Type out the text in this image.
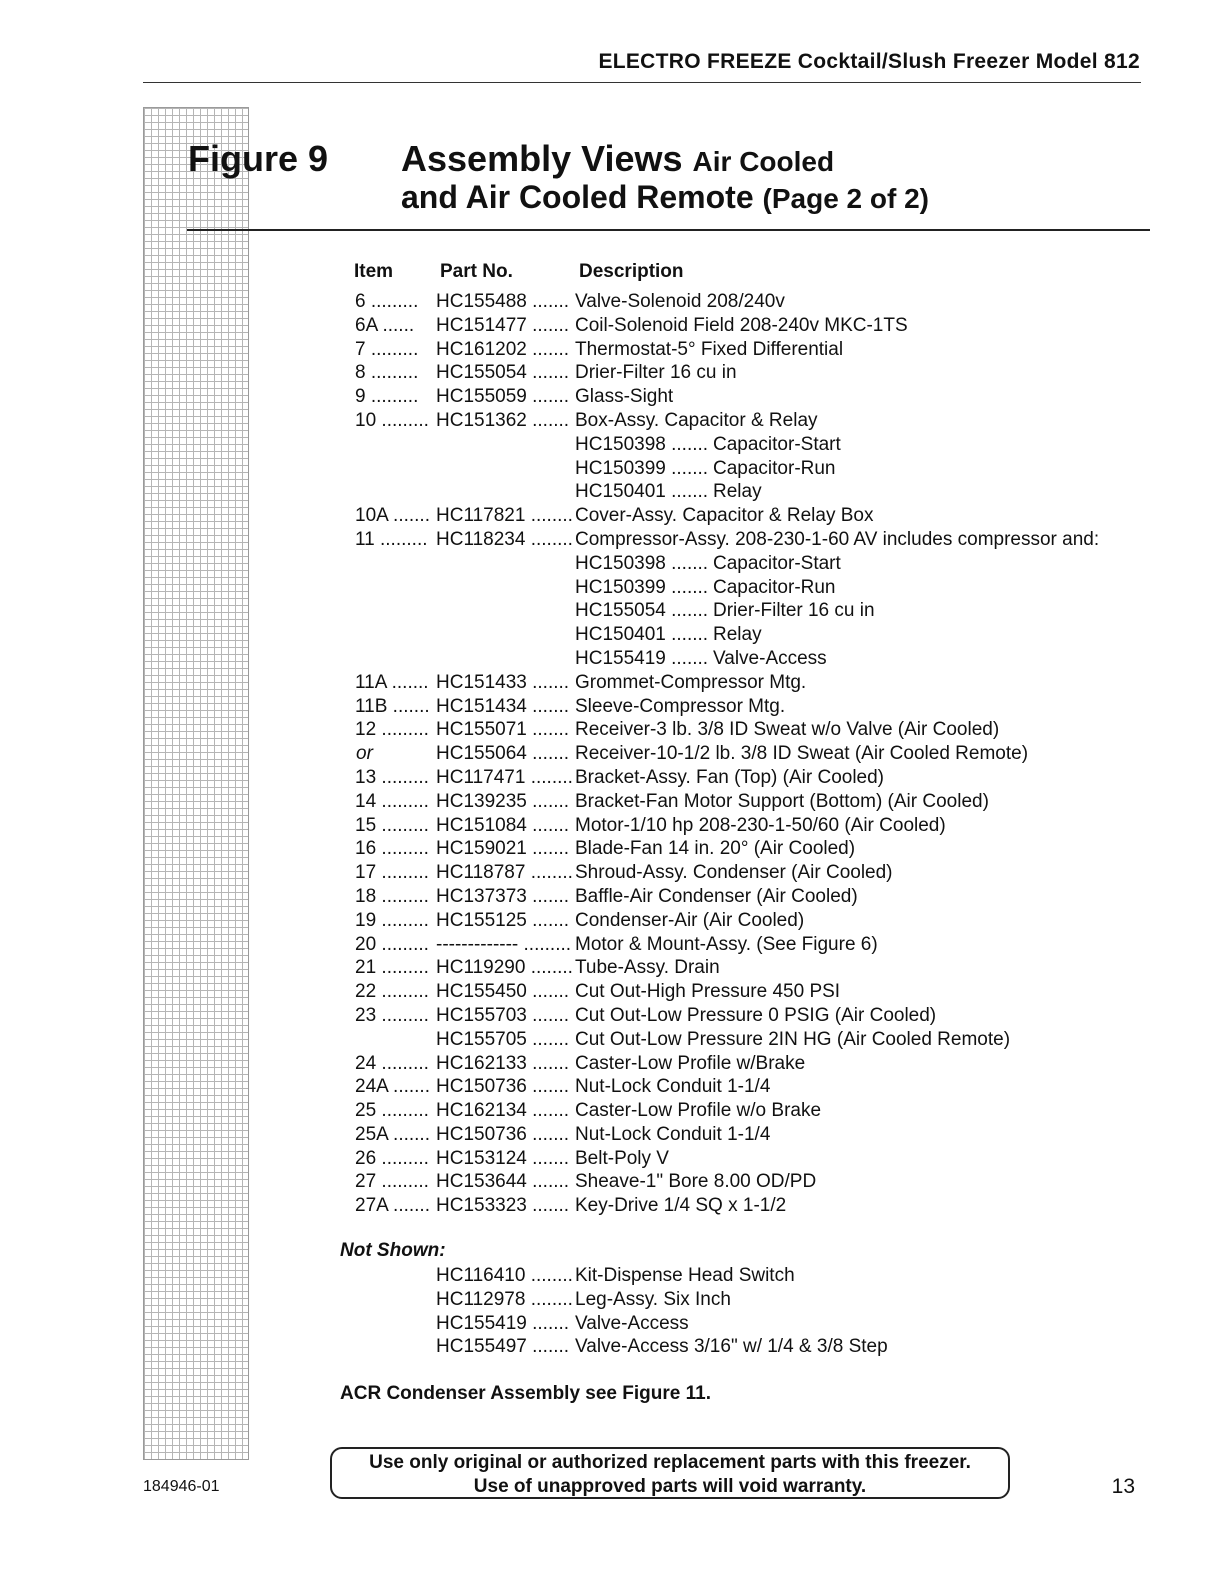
ELECTRO FREEZE Cocktail/Slush Freezer Model 812
Figure 9 Assembly Views Air Cooled
and Air Cooled Remote (Page 2 of 2)
Item Part No.	Description
6 ......... HC155488 ....... Valve-Solenoid 208/240v
6A ...... HC151477 ....... Coil-Solenoid Field 208-240v MKC-1TS
7 ......... HC161202 ....... Thermostat-5° Fixed Differential
8 ......... HC155054 ....... Drier-Filter 16 cu in
9 ......... HC155059 ....... Glass-Sight
10 ......... HC151362 ....... Box-Assy. Capacitor & Relay
HC150398 ....... Capacitor-Start
HC150399 ....... Capacitor-Run
HC150401 ....... Relay
10A ....... HC117821 ........ Cover-Assy. Capacitor & Relay Box
11 ......... HC118234 ........ Compressor-Assy. 208-230-1-60 AV includes compressor and:
HC150398 ....... Capacitor-Start
HC150399 ....... Capacitor-Run
HC155054 ....... Drier-Filter 16 cu in
HC150401 ....... Relay
HC155419 ....... Valve-Access
11A ....... HC151433 ....... Grommet-Compressor Mtg.
11B ....... HC151434 ....... Sleeve-Compressor Mtg.
12 ......... HC155071 ....... Receiver-3 lb. 3/8 ID Sweat w/o Valve (Air Cooled)
or	HC155064 ....... Receiver-10-1/2 lb. 3/8 ID Sweat (Air Cooled Remote)
13 ......... HC117471 ........ Bracket-Assy. Fan (Top) (Air Cooled)
14 ......... HC139235 ....... Bracket-Fan Motor Support (Bottom) (Air Cooled)
15 ......... HC151084 ....... Motor-1/10 hp 208-230-1-50/60 (Air Cooled)
16 ......... HC159021 ....... Blade-Fan 14 in. 20° (Air Cooled)
17 ......... HC118787 ........ Shroud-Assy. Condenser (Air Cooled)
18 ......... HC137373 ....... Baffle-Air Condenser (Air Cooled)
19 ......... HC155125 ....... Condenser-Air (Air Cooled)
20 ......... ------------- ......... Motor & Mount-Assy. (See Figure 6)
21 ......... HC119290 ........ Tube-Assy. Drain
22 ......... HC155450 ....... Cut Out-High Pressure 450 PSI
23 ......... HC155703 ....... Cut Out-Low Pressure 0 PSIG (Air Cooled)
HC155705 ....... Cut Out-Low Pressure 2IN HG (Air Cooled Remote)
24 ......... HC162133 ....... Caster-Low Profile w/Brake
24A ....... HC150736 ....... Nut-Lock Conduit 1-1/4
25 ......... HC162134 ....... Caster-Low Profile w/o Brake
25A ....... HC150736 ....... Nut-Lock Conduit 1-1/4
26 ......... HC153124 ....... Belt-Poly V
27 ......... HC153644 ....... Sheave-1" Bore 8.00 OD/PD
27A ....... HC153323 ....... Key-Drive 1/4 SQ x 1-1/2
Not Shown:
HC116410 ........ Kit-Dispense Head Switch
HC112978 ........ Leg-Assy. Six Inch
HC155419 ....... Valve-Access
HC155497 ....... Valve-Access 3/16" w/ 1/4 & 3/8 Step
ACR Condenser Assembly see Figure 11.
Use only original or authorized replacement parts with this freezer.
Use of unapproved parts will void warranty.
184946-01	13
